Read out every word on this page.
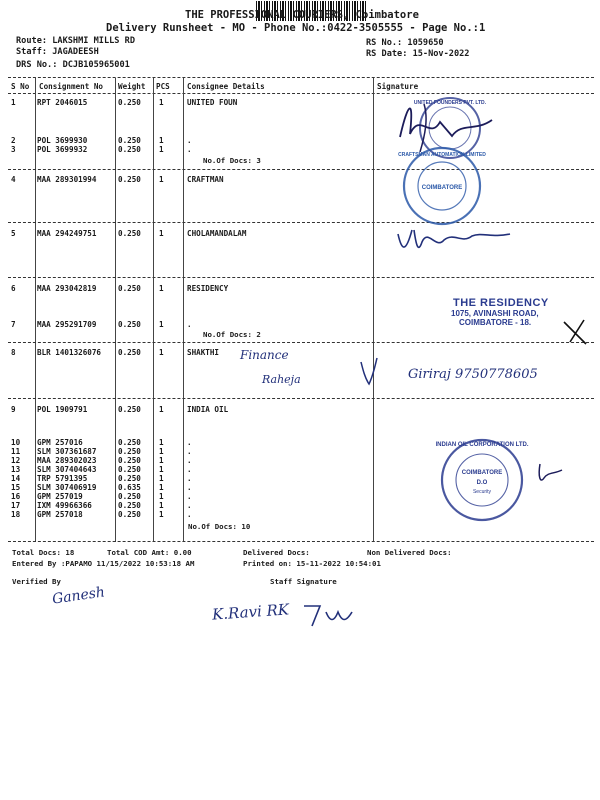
THE PROFESSIONAL COURIERS, Coimbatore
Delivery Runsheet - MO - Phone No.:0422-3505555 - Page No.:1
Route: LAKSHMI MILLS RD
Staff: JAGADEESH
DRS No.: DCJB105965001
RS No.: 1059650
RS Date: 15-Nov-2022
S No Consignment No Weight PCS Consignee Details	Signature
1	RPT 2046015	0.250 1	UNITED FOUN
2	POL 3699930	0.250 1	.
3	POL 3699932	0.250 1	.
No.Of Docs: 3
4	MAA 289301994	0.250 1	CRAFTMAN
5	MAA 294249751	0.250 1	CHOLAMANDALAM
6	MAA 293042819	0.250 1	RESIDENCY
7	MAA 295291709	0.250 1	.
No.Of Docs: 2
8	BLR 1401326076 0.250 1	SHAKTHI
9	POL 1909791	0.250 1	INDIA OIL
10 GPM 257016	0.250 1	.
11 SLM 307361687	0.250 1	.
12 MAA 289302023	0.250 1	.
13 SLM 307404643	0.250 1	.
14 TRP 5791395	0.250 1	.
15 SLM 307406919	0.635 1	.
16 GPM 257019	0.250 1	.
17 IXM 49966366	0.250 1	.
18 GPM 257018	0.250 1	.
No.Of Docs: 10
UNITED FOUNDERS PVT. LTD.
CRAFTSMAN AUTOMATION LIMITED
COIMBATORE
THE RESIDENCY
1075, AVINASHI ROAD,
COIMBATORE - 18.
Finance
Raheja	Giriraj 9750778605
INDIAN OIL CORPORATION LTD.
COIMBATORE
D.O
Security
Total Docs: 18	Total COD Amt: 0.00	Delivered Docs:	Non Delivered Docs:
Entered By :PAPAMO 11/15/2022 10:53:18 AM	Printed on: 15-11-2022 10:54:01
Verified By	Staff Signature
Ganesh
K.Ravi RK
